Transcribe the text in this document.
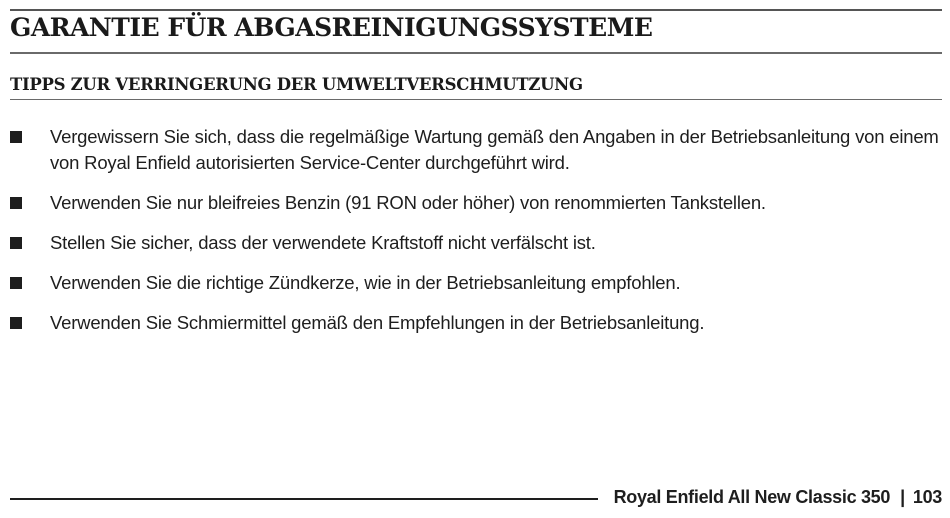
GARANTIE FÜR ABGASREINIGUNGSSYSTEME
TIPPS ZUR VERRINGERUNG DER UMWELTVERSCHMUTZUNG
Vergewissern Sie sich, dass die regelmäßige Wartung gemäß den Angaben in der Betriebsanleitung von einem von Royal Enfield autorisierten Service-Center durchgeführt wird.
Verwenden Sie nur bleifreies Benzin (91 RON oder höher) von renommierten Tankstellen.
Stellen Sie sicher, dass der verwendete Kraftstoff nicht verfälscht ist.
Verwenden Sie die richtige Zündkerze, wie in der Betriebsanleitung empfohlen.
Verwenden Sie Schmiermittel gemäß den Empfehlungen in der Betriebsanleitung.
Royal Enfield All New Classic 350 | 103
